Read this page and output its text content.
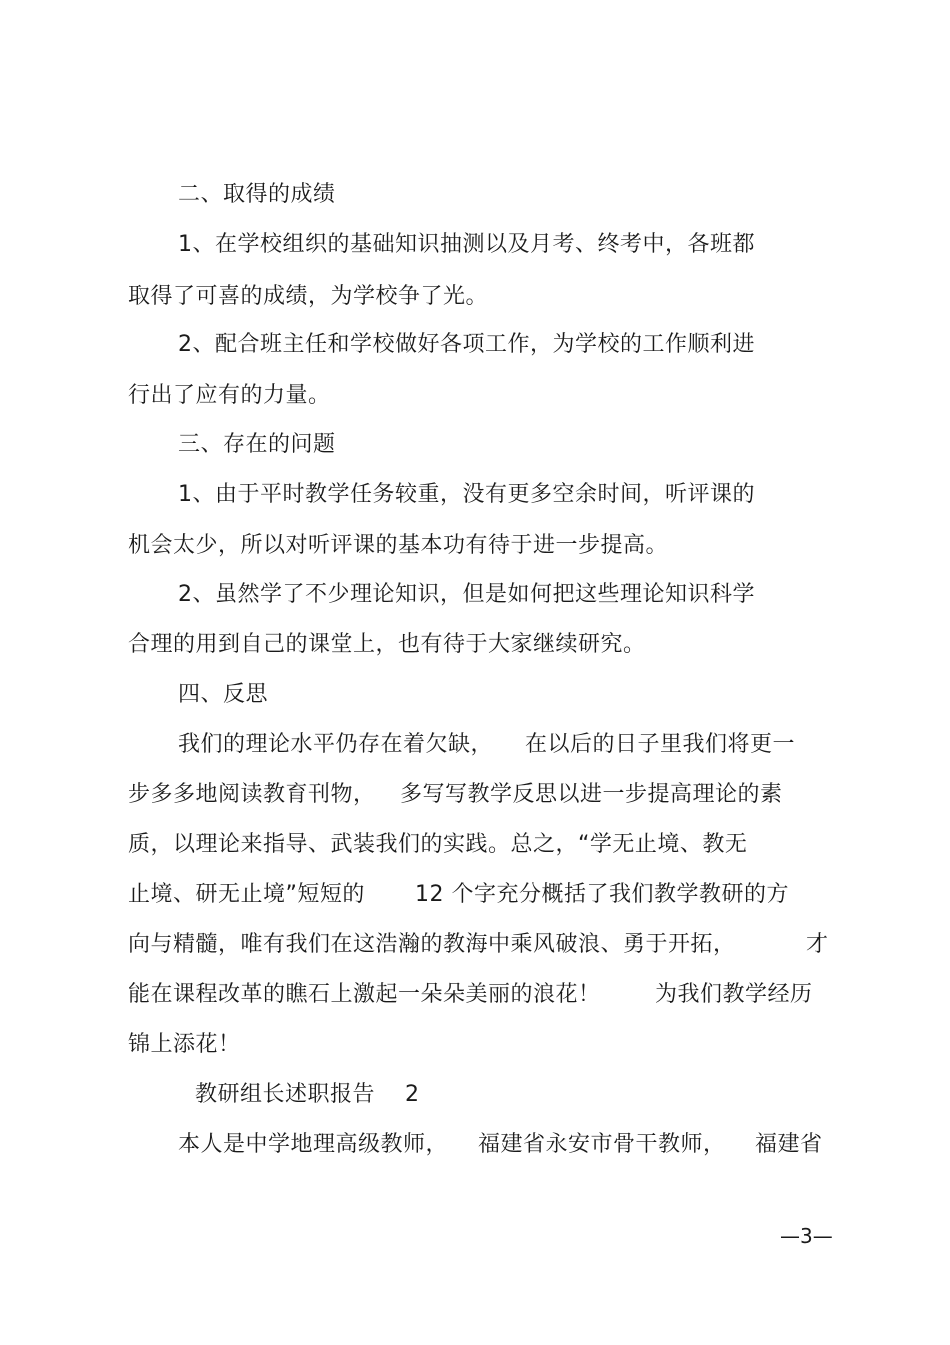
二、取得的成绩
1、在学校组织的基础知识抽测以及月考、终考中，各班都
取得了可喜的成绩，为学校争了光。
2、配合班主任和学校做好各项工作，为学校的工作顺利进
行出了应有的力量。
三、存在的问题
1、由于平时教学任务较重，没有更多空余时间，听评课的
机会太少，所以对听评课的基本功有待于进一步提高。
2、虽然学了不少理论知识，但是如何把这些理论知识科学
合理的用到自己的课堂上，也有待于大家继续研究。
四、反思
我们的理论水平仍存在着欠缺， 在以后的日子里我们将更一
步多多地阅读教育刊物， 多写写教学反思以进一步提高理论的素
质，以理论来指导、武装我们的实践。总之，“学无止境、教无
止境、研无止境”短短的 12 个字充分概括了我们教学教研的方
向与精髓，唯有我们在这浩瀚的教海中乘风破浪、勇于开拓，	才
能在课程改革的瞧石上激起一朵朵美丽的浪花！ 为我们教学经历
锦上添花！
教研组长述职报告    2
本人是中学地理高级教师， 福建省永安市骨干教师， 福建省
—3—
